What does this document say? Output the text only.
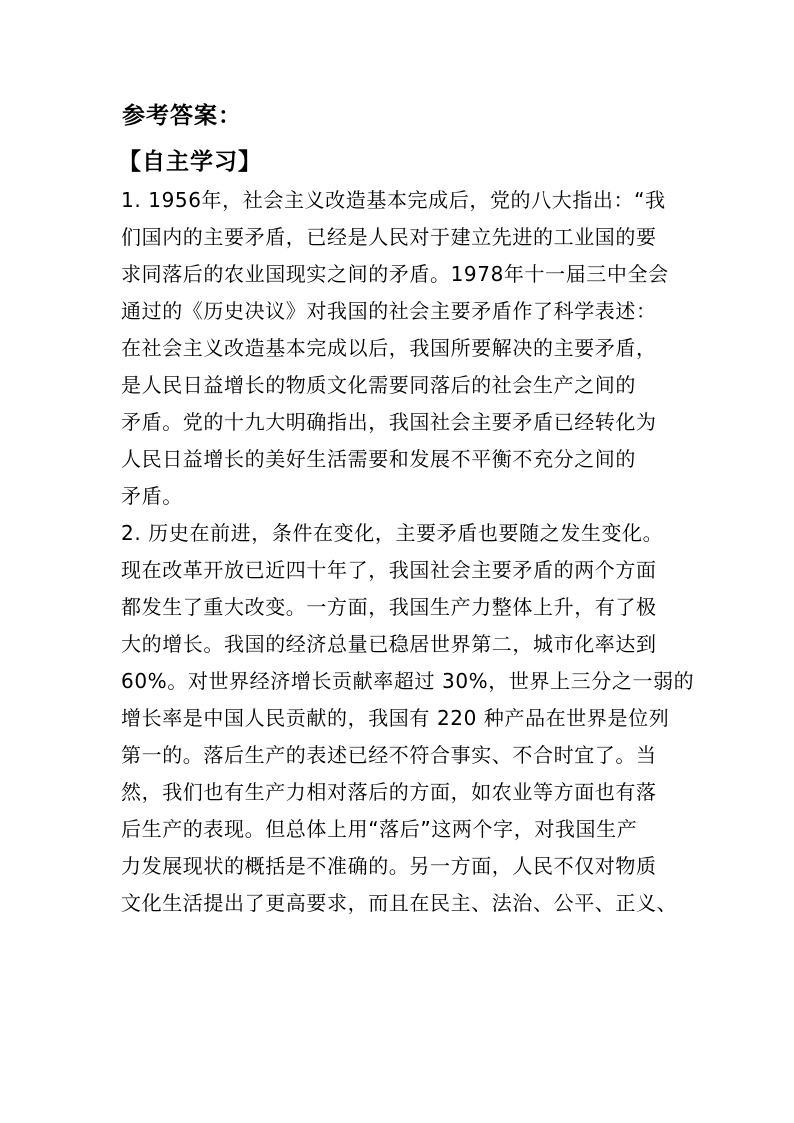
参考答案：
【自主学习】
1. 1956年，社会主义改造基本完成后，党的八大指出：“我
们国内的主要矛盾，已经是人民对于建立先进的工业国的要
求同落后的农业国现实之间的矛盾。1978年十一届三中全会
通过的《历史决议》对我国的社会主要矛盾作了科学表述：
在社会主义改造基本完成以后，我国所要解决的主要矛盾，
是人民日益增长的物质文化需要同落后的社会生产之间的
矛盾。党的十九大明确指出，我国社会主要矛盾已经转化为
人民日益增长的美好生活需要和发展不平衡不充分之间的
矛盾。
2. 历史在前进，条件在变化，主要矛盾也要随之发生变化。
现在改革开放已近四十年了，我国社会主要矛盾的两个方面
都发生了重大改变。一方面，我国生产力整体上升，有了极
大的增长。我国的经济总量已稳居世界第二，城市化率达到
60%。对世界经济增长贡献率超过 30%，世界上三分之一弱的
增长率是中国人民贡献的，我国有 220 种产品在世界是位列
第一的。落后生产的表述已经不符合事实、不合时宜了。当
然，我们也有生产力相对落后的方面，如农业等方面也有落
后生产的表现。但总体上用“落后”这两个字，对我国生产
力发展现状的概括是不准确的。另一方面，人民不仅对物质
文化生活提出了更高要求，而且在民主、法治、公平、正义、
